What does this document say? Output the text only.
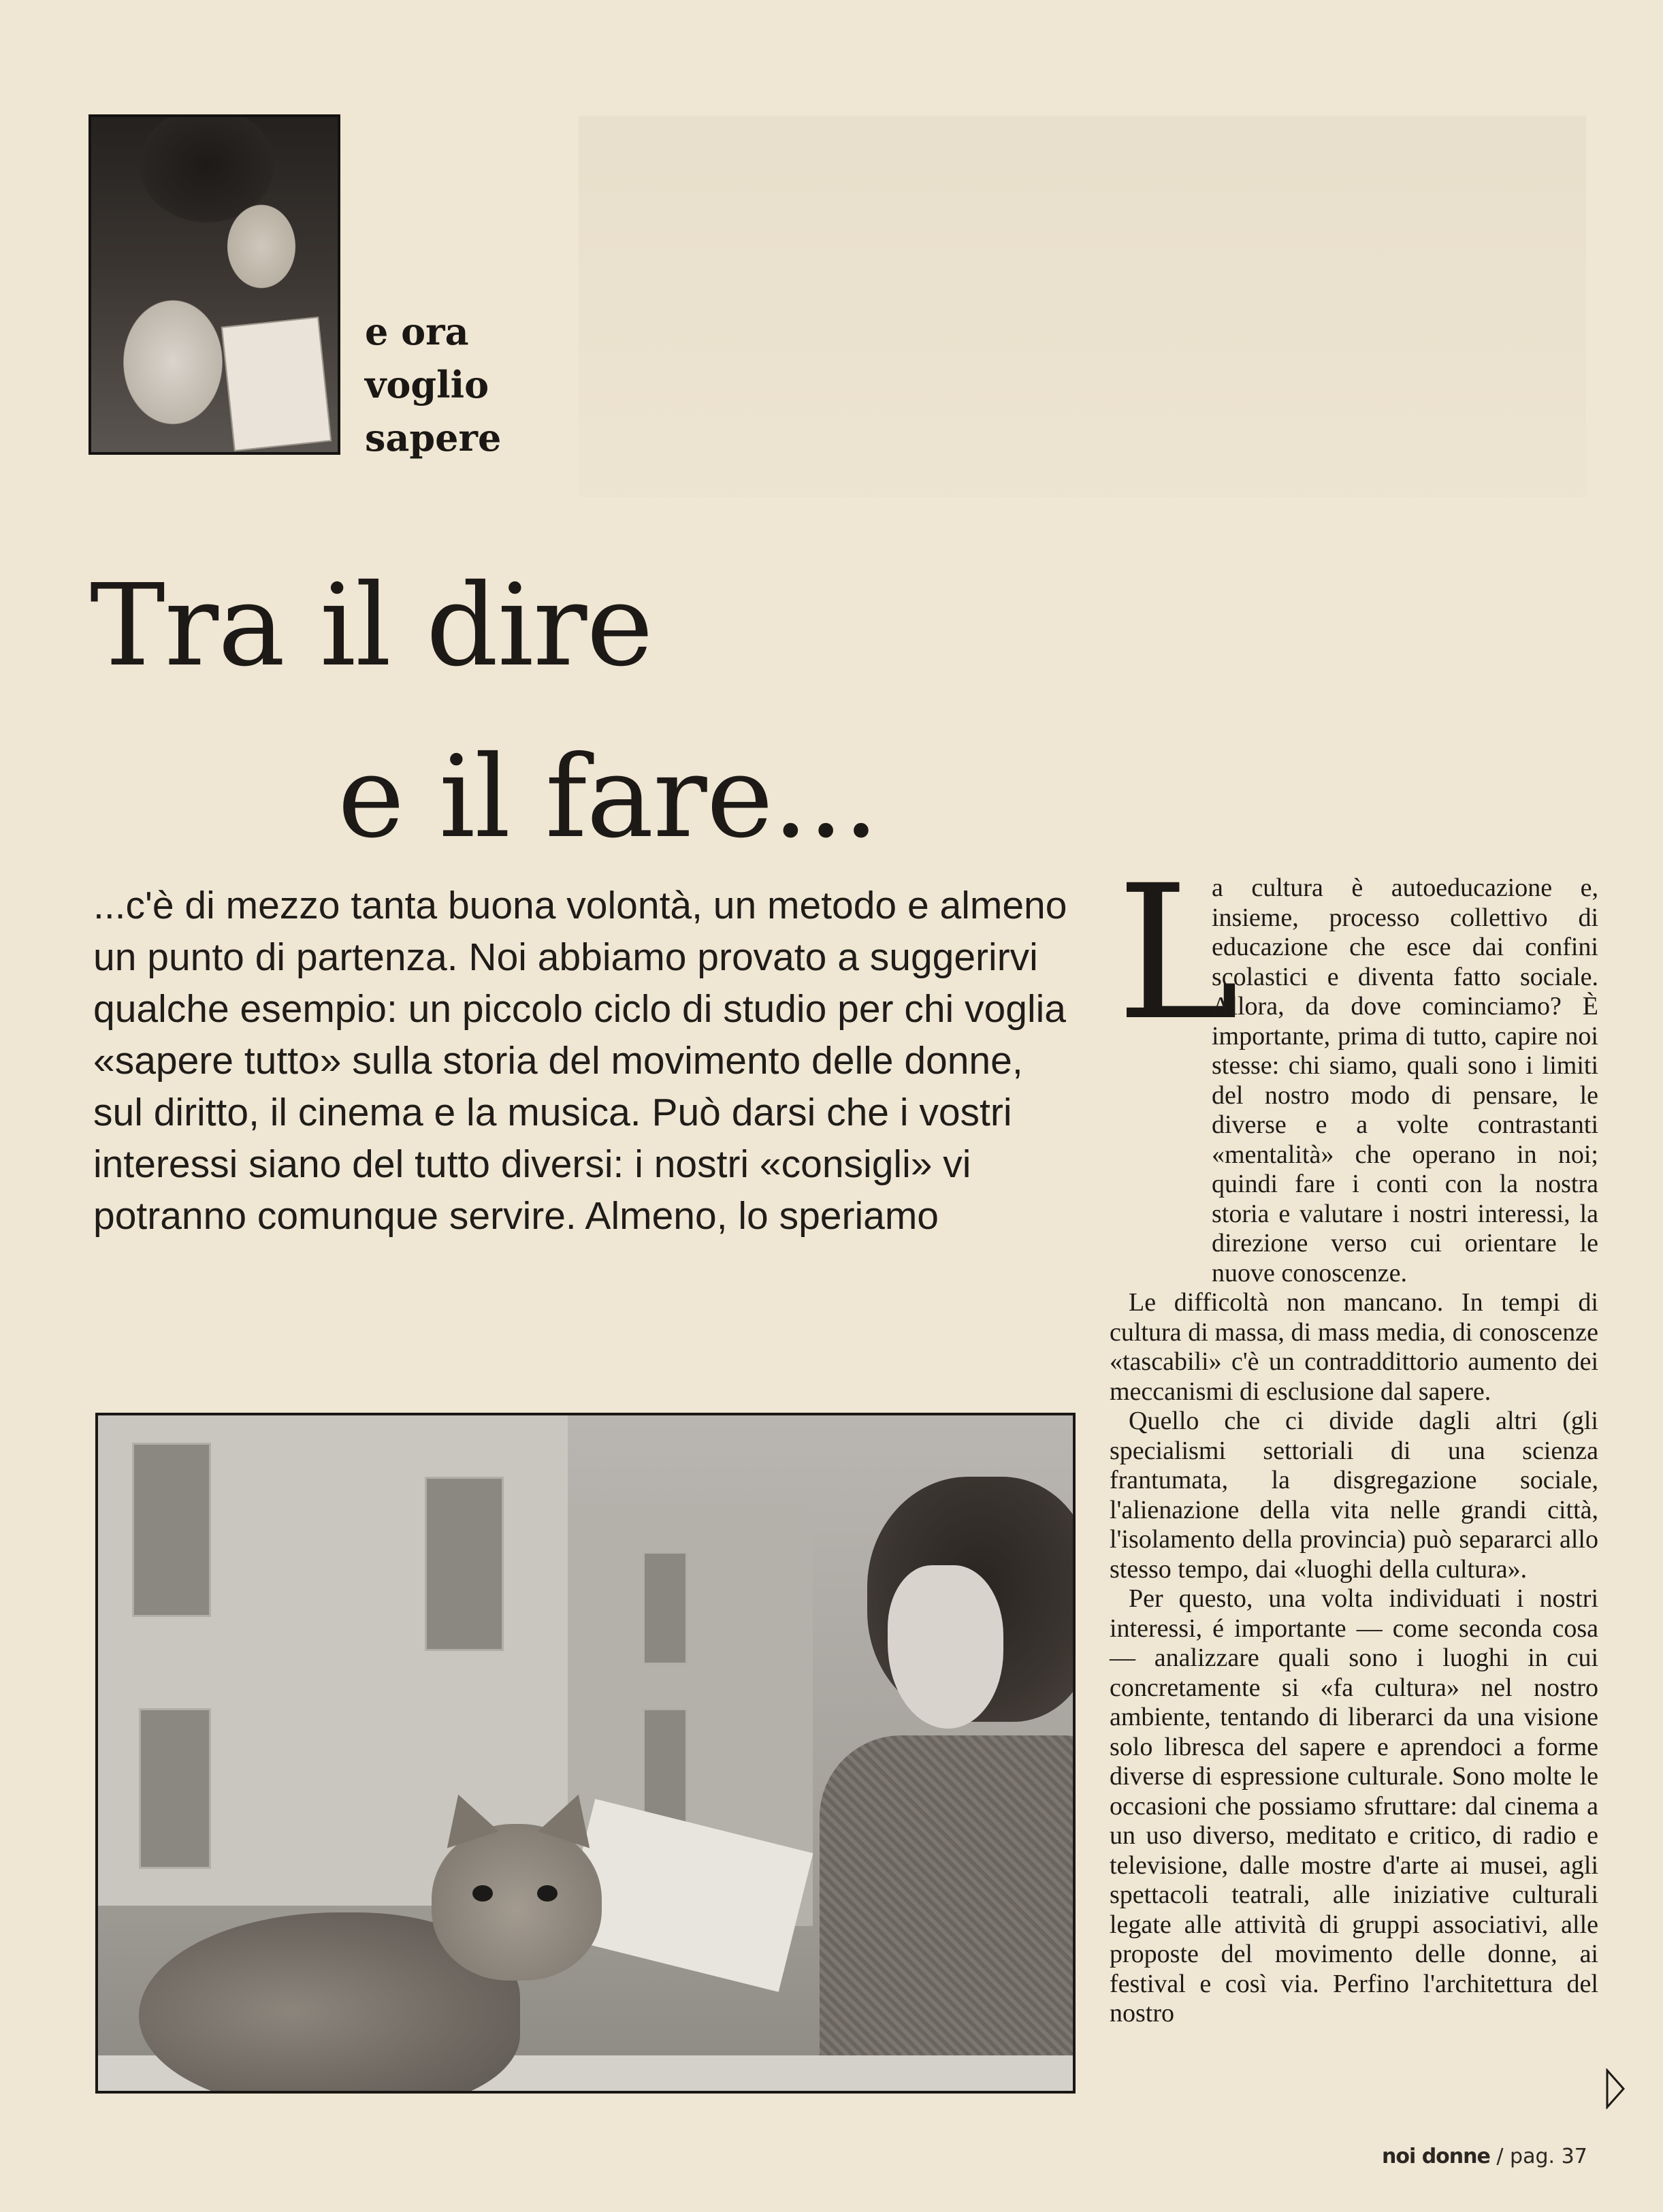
e ora
voglio
sapere
Tra il dire
e il fare...
...c'è di mezzo tanta buona volontà, un metodo e almeno un punto di partenza. Noi abbiamo provato a suggerirvi qualche esempio: un piccolo ciclo di studio per chi voglia «sapere tutto» sulla storia del movimento delle donne, sul diritto, il cinema e la musica. Può darsi che i vostri interessi siano del tutto diversi: i nostri «consigli» vi potranno comunque servire. Almeno, lo speriamo
L

a cultura è autoeducazione e, insieme, processo collettivo di educazione che esce dai confini scolastici e diventa fatto sociale. Allora, da dove cominciamo? È importante, prima di tutto, capire noi stesse: chi siamo, quali sono i limiti del nostro modo di pensare, le diverse e a volte contrastanti «mentalità» che operano in noi; quindi fare i conti con la nostra storia e valutare i nostri interessi, la direzione verso cui orientare le nuove conoscenze.

Le difficoltà non mancano. In tempi di cultura di massa, di mass media, di conoscenze «tascabili» c'è un contraddittorio aumento dei meccanismi di esclusione dal sapere.

Quello che ci divide dagli altri (gli specialismi settoriali di una scienza frantumata, la disgregazione sociale, l'alienazione della vita nelle grandi città, l'isolamento della provincia) può separarci allo stesso tempo, dai «luoghi della cultura».

Per questo, una volta individuati i nostri interessi, é importante — come seconda cosa — analizzare quali sono i luoghi in cui concretamente si «fa cultura» nel nostro ambiente, tentando di liberarci da una visione solo libresca del sapere e aprendoci a forme diverse di espressione culturale. Sono molte le occasioni che possiamo sfruttare: dal cinema a un uso diverso, meditato e critico, di radio e televisione, dalle mostre d'arte ai musei, agli spettacoli teatrali, alle iniziative culturali legate alle attività di gruppi associativi, alle proposte del movimento delle donne, ai festival e così via. Perfino l'architettura del nostro

noi donne / pag. 37
